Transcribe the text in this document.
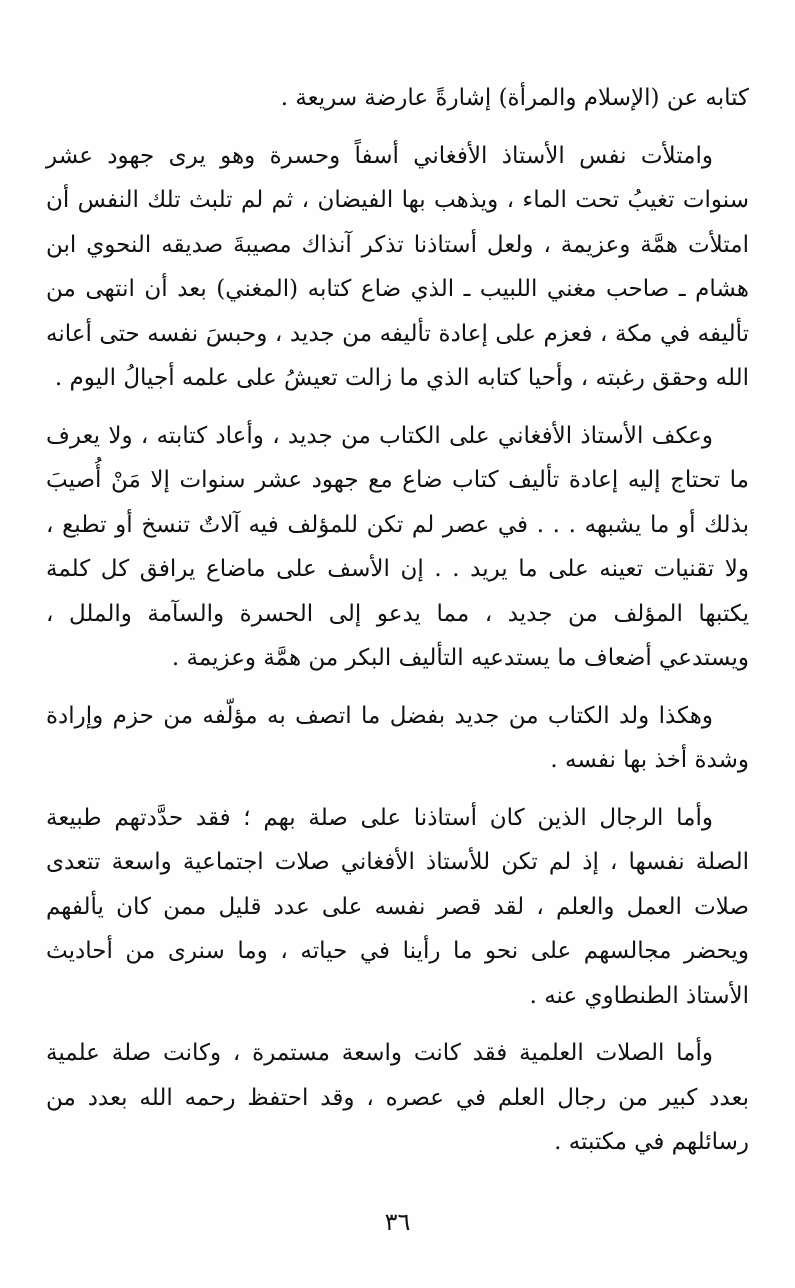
كتابه عن (الإسلام والمرأة) إشارةً عارضة سريعة .

وامتلأت نفس الأستاذ الأفغاني أسفاً وحسرة وهو يرى جهود عشر سنوات تغيبُ تحت الماء ، ويذهب بها الفيضان ، ثم لم تلبث تلك النفس أن امتلأت همَّة وعزيمة ، ولعل أستاذنا تذكر آنذاك مصيبةَ صديقه النحوي ابن هشام ـ صاحب مغني اللبيب ـ الذي ضاع كتابه (المغني) بعد أن انتهى من تأليفه في مكة ، فعزم على إعادة تأليفه من جديد ، وحبسَ نفسه حتى أعانه الله وحقق رغبته ، وأحيا كتابه الذي ما زالت تعيشُ على علمه أجيالُ اليوم .

وعكف الأستاذ الأفغاني على الكتاب من جديد ، وأعاد كتابته ، ولا يعرف ما تحتاج إليه إعادة تأليف كتاب ضاع مع جهود عشر سنوات إلا مَنْ أُصيبَ بذلك أو ما يشبهه . . . في عصر لم تكن للمؤلف فيه آلاتٌ تنسخ أو تطبع ، ولا تقنيات تعينه على ما يريد . . إن الأسف على ماضاع يرافق كل كلمة يكتبها المؤلف من جديد ، مما يدعو إلى الحسرة والسآمة والملل ، ويستدعي أضعاف ما يستدعيه التأليف البكر من همَّة وعزيمة .

وهكذا ولد الكتاب من جديد بفضل ما اتصف به مؤلّفه من حزم وإرادة وشدة أخذ بها نفسه .

وأما الرجال الذين كان أستاذنا على صلة بهم ؛ فقد حدَّدتهم طبيعة الصلة نفسها ، إذ لم تكن للأستاذ الأفغاني صلات اجتماعية واسعة تتعدى صلات العمل والعلم ، لقد قصر نفسه على عدد قليل ممن كان يألفهم ويحضر مجالسهم على نحو ما رأينا في حياته ، وما سنرى من أحاديث الأستاذ الطنطاوي عنه .

وأما الصلات العلمية فقد كانت واسعة مستمرة ، وكانت صلة علمية بعدد كبير من رجال العلم في عصره ، وقد احتفظ رحمه الله بعدد من رسائلهم في مكتبته .

٣٦
